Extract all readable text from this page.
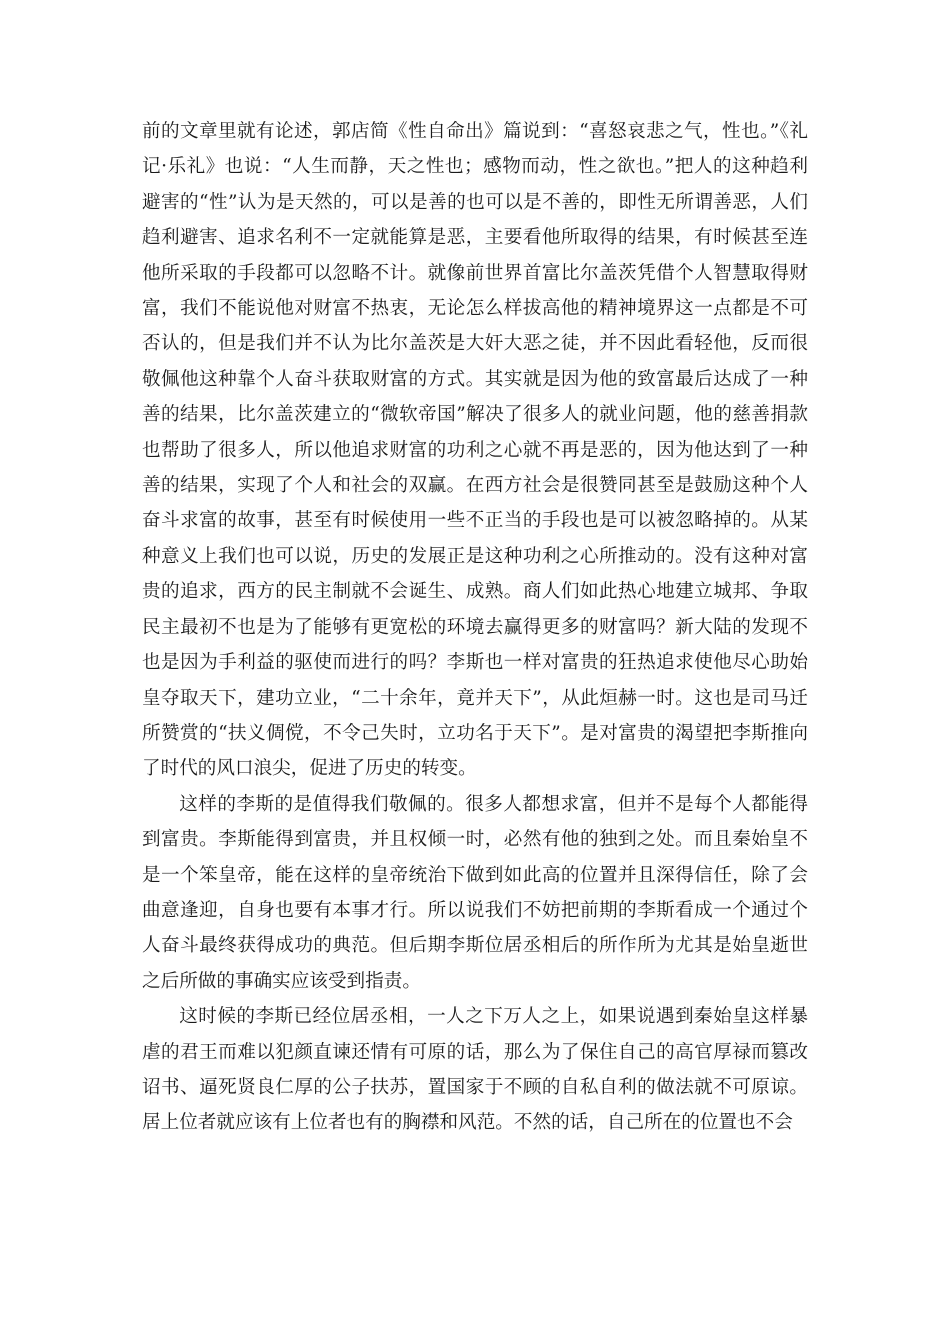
前的文章里就有论述，郭店简《性自命出》篇说到：“喜怒哀悲之气，性也。”《礼记·乐礼》也说：“人生而静，天之性也；感物而动，性之欲也。”把人的这种趋利避害的“性”认为是天然的，可以是善的也可以是不善的，即性无所谓善恶，人们趋利避害、追求名利不一定就能算是恶，主要看他所取得的结果，有时候甚至连他所采取的手段都可以忽略不计。就像前世界首富比尔盖茨凭借个人智慧取得财富，我们不能说他对财富不热衷，无论怎么样拔高他的精神境界这一点都是不可否认的，但是我们并不认为比尔盖茨是大奸大恶之徒，并不因此看轻他，反而很敬佩他这种靠个人奋斗获取财富的方式。其实就是因为他的致富最后达成了一种善的结果，比尔盖茨建立的“微软帝国”解决了很多人的就业问题，他的慈善捐款也帮助了很多人，所以他追求财富的功利之心就不再是恶的，因为他达到了一种善的结果，实现了个人和社会的双赢。在西方社会是很赞同甚至是鼓励这种个人奋斗求富的故事，甚至有时候使用一些不正当的手段也是可以被忽略掉的。从某种意义上我们也可以说，历史的发展正是这种功利之心所推动的。没有这种对富贵的追求，西方的民主制就不会诞生、成熟。商人们如此热心地建立城邦、争取民主最初不也是为了能够有更宽松的环境去赢得更多的财富吗？新大陆的发现不也是因为手利益的驱使而进行的吗？李斯也一样对富贵的狂热追求使他尽心助始皇夺取天下，建功立业，“二十余年，竟并天下”，从此烜赫一时。这也是司马迁所赞赏的“扶义倜傥，不令己失时，立功名于天下”。是对富贵的渴望把李斯推向了时代的风口浪尖，促进了历史的转变。

这样的李斯的是值得我们敬佩的。很多人都想求富，但并不是每个人都能得到富贵。李斯能得到富贵，并且权倾一时，必然有他的独到之处。而且秦始皇不是一个笨皇帝，能在这样的皇帝统治下做到如此高的位置并且深得信任，除了会曲意逢迎，自身也要有本事才行。所以说我们不妨把前期的李斯看成一个通过个人奋斗最终获得成功的典范。但后期李斯位居丞相后的所作所为尤其是始皇逝世之后所做的事确实应该受到指责。

这时候的李斯已经位居丞相，一人之下万人之上，如果说遇到秦始皇这样暴虐的君王而难以犯颜直谏还情有可原的话，那么为了保住自己的高官厚禄而篡改诏书、逼死贤良仁厚的公子扶苏，置国家于不顾的自私自利的做法就不可原谅。居上位者就应该有上位者也有的胸襟和风范。不然的话，自己所在的位置也不会
